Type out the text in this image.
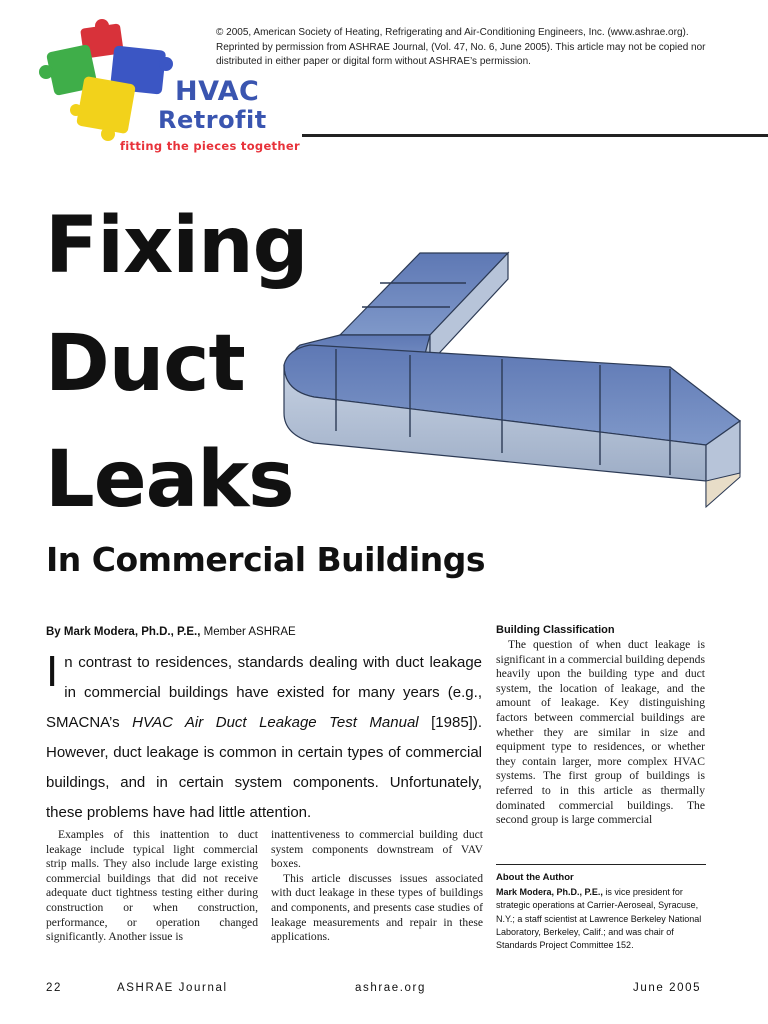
© 2005, American Society of Heating, Refrigerating and Air-Conditioning Engineers, Inc. (www.ashrae.org). Reprinted by permission from ASHRAE Journal, (Vol. 47, No. 6, June 2005). This article may not be copied nor distributed in either paper or digital form without ASHRAE’s permission.
HVAC
Retrofit
fitting the pieces together
Fixing
Duct
Leaks
In Commercial Buildings
By Mark Modera, Ph.D., P.E., Member ASHRAE
In contrast to residences, standards dealing with duct leakage in commercial buildings have existed for many years (e.g., SMACNA’s HVAC Air Duct Leakage Test Manual [1985]). However, duct leakage is common in certain types of commercial buildings, and in certain system components. Unfortunately, these problems have had little attention.

Examples of this inattention to duct leakage include typical light commercial strip malls. They also include large existing commercial buildings that did not receive adequate duct tightness testing either during construction or when construction, performance, or operation changed significantly. Another issue is

inattentiveness to commercial building duct system components downstream of VAV boxes.

This article discusses issues associated with duct leakage in these types of buildings and components, and presents case studies of leakage measurements and repair in these applications.

Building Classification

The question of when duct leakage is significant in a commercial building depends heavily upon the building type and duct system, the location of leakage, and the amount of leakage. Key distinguishing factors between commercial buildings are whether they are similar in size and equipment type to residences, or whether they contain larger, more complex HVAC systems. The first group of buildings is referred to in this article as thermally dominated commercial buildings. The second group is large commercial

About the Author
Mark Modera, Ph.D., P.E., is vice president for strategic operations at Carrier-Aeroseal, Syracuse, N.Y.; a staff scientist at Lawrence Berkeley National Laboratory, Berkeley, Calif.; and was chair of Standards Project Committee 152.
22	ASHRAE Journal	ashrae.org	June 2005
